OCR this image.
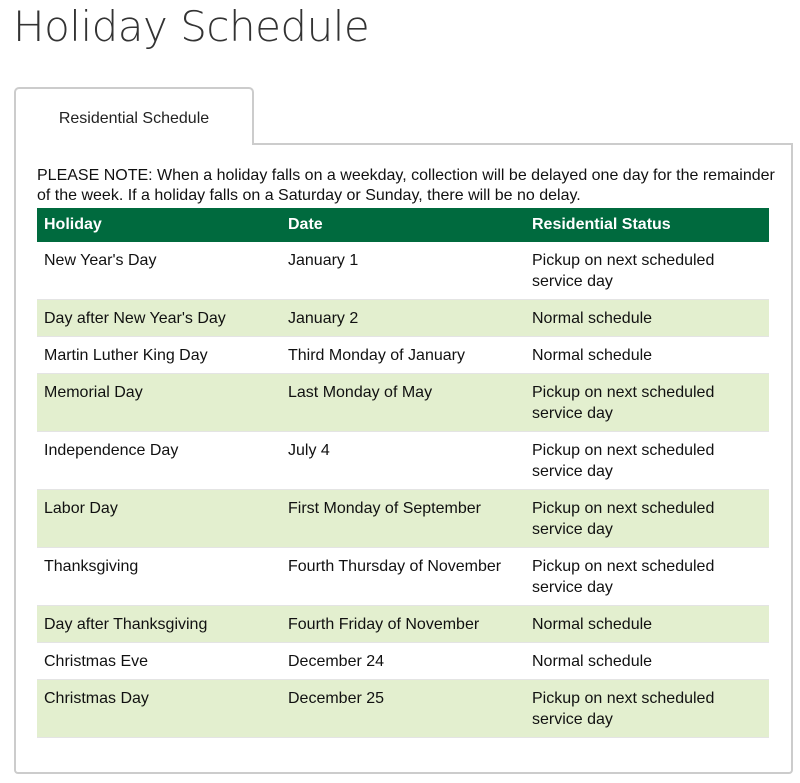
Holiday Schedule
Residential Schedule
PLEASE NOTE: When a holiday falls on a weekday, collection will be delayed one day for the remainder of the week. If a holiday falls on a Saturday or Sunday, there will be no delay.
Holiday	Date	Residential Status
New Year's Day	January 1	Pickup on next scheduled service day
Day after New Year's Day	January 2	Normal schedule
Martin Luther King Day	Third Monday of January	Normal schedule
Memorial Day	Last Monday of May	Pickup on next scheduled service day
Independence Day	July 4	Pickup on next scheduled service day
Labor Day	First Monday of September	Pickup on next scheduled service day
Thanksgiving	Fourth Thursday of November	Pickup on next scheduled service day
Day after Thanksgiving	Fourth Friday of November	Normal schedule
Christmas Eve	December 24	Normal schedule
Christmas Day	December 25	Pickup on next scheduled service day
